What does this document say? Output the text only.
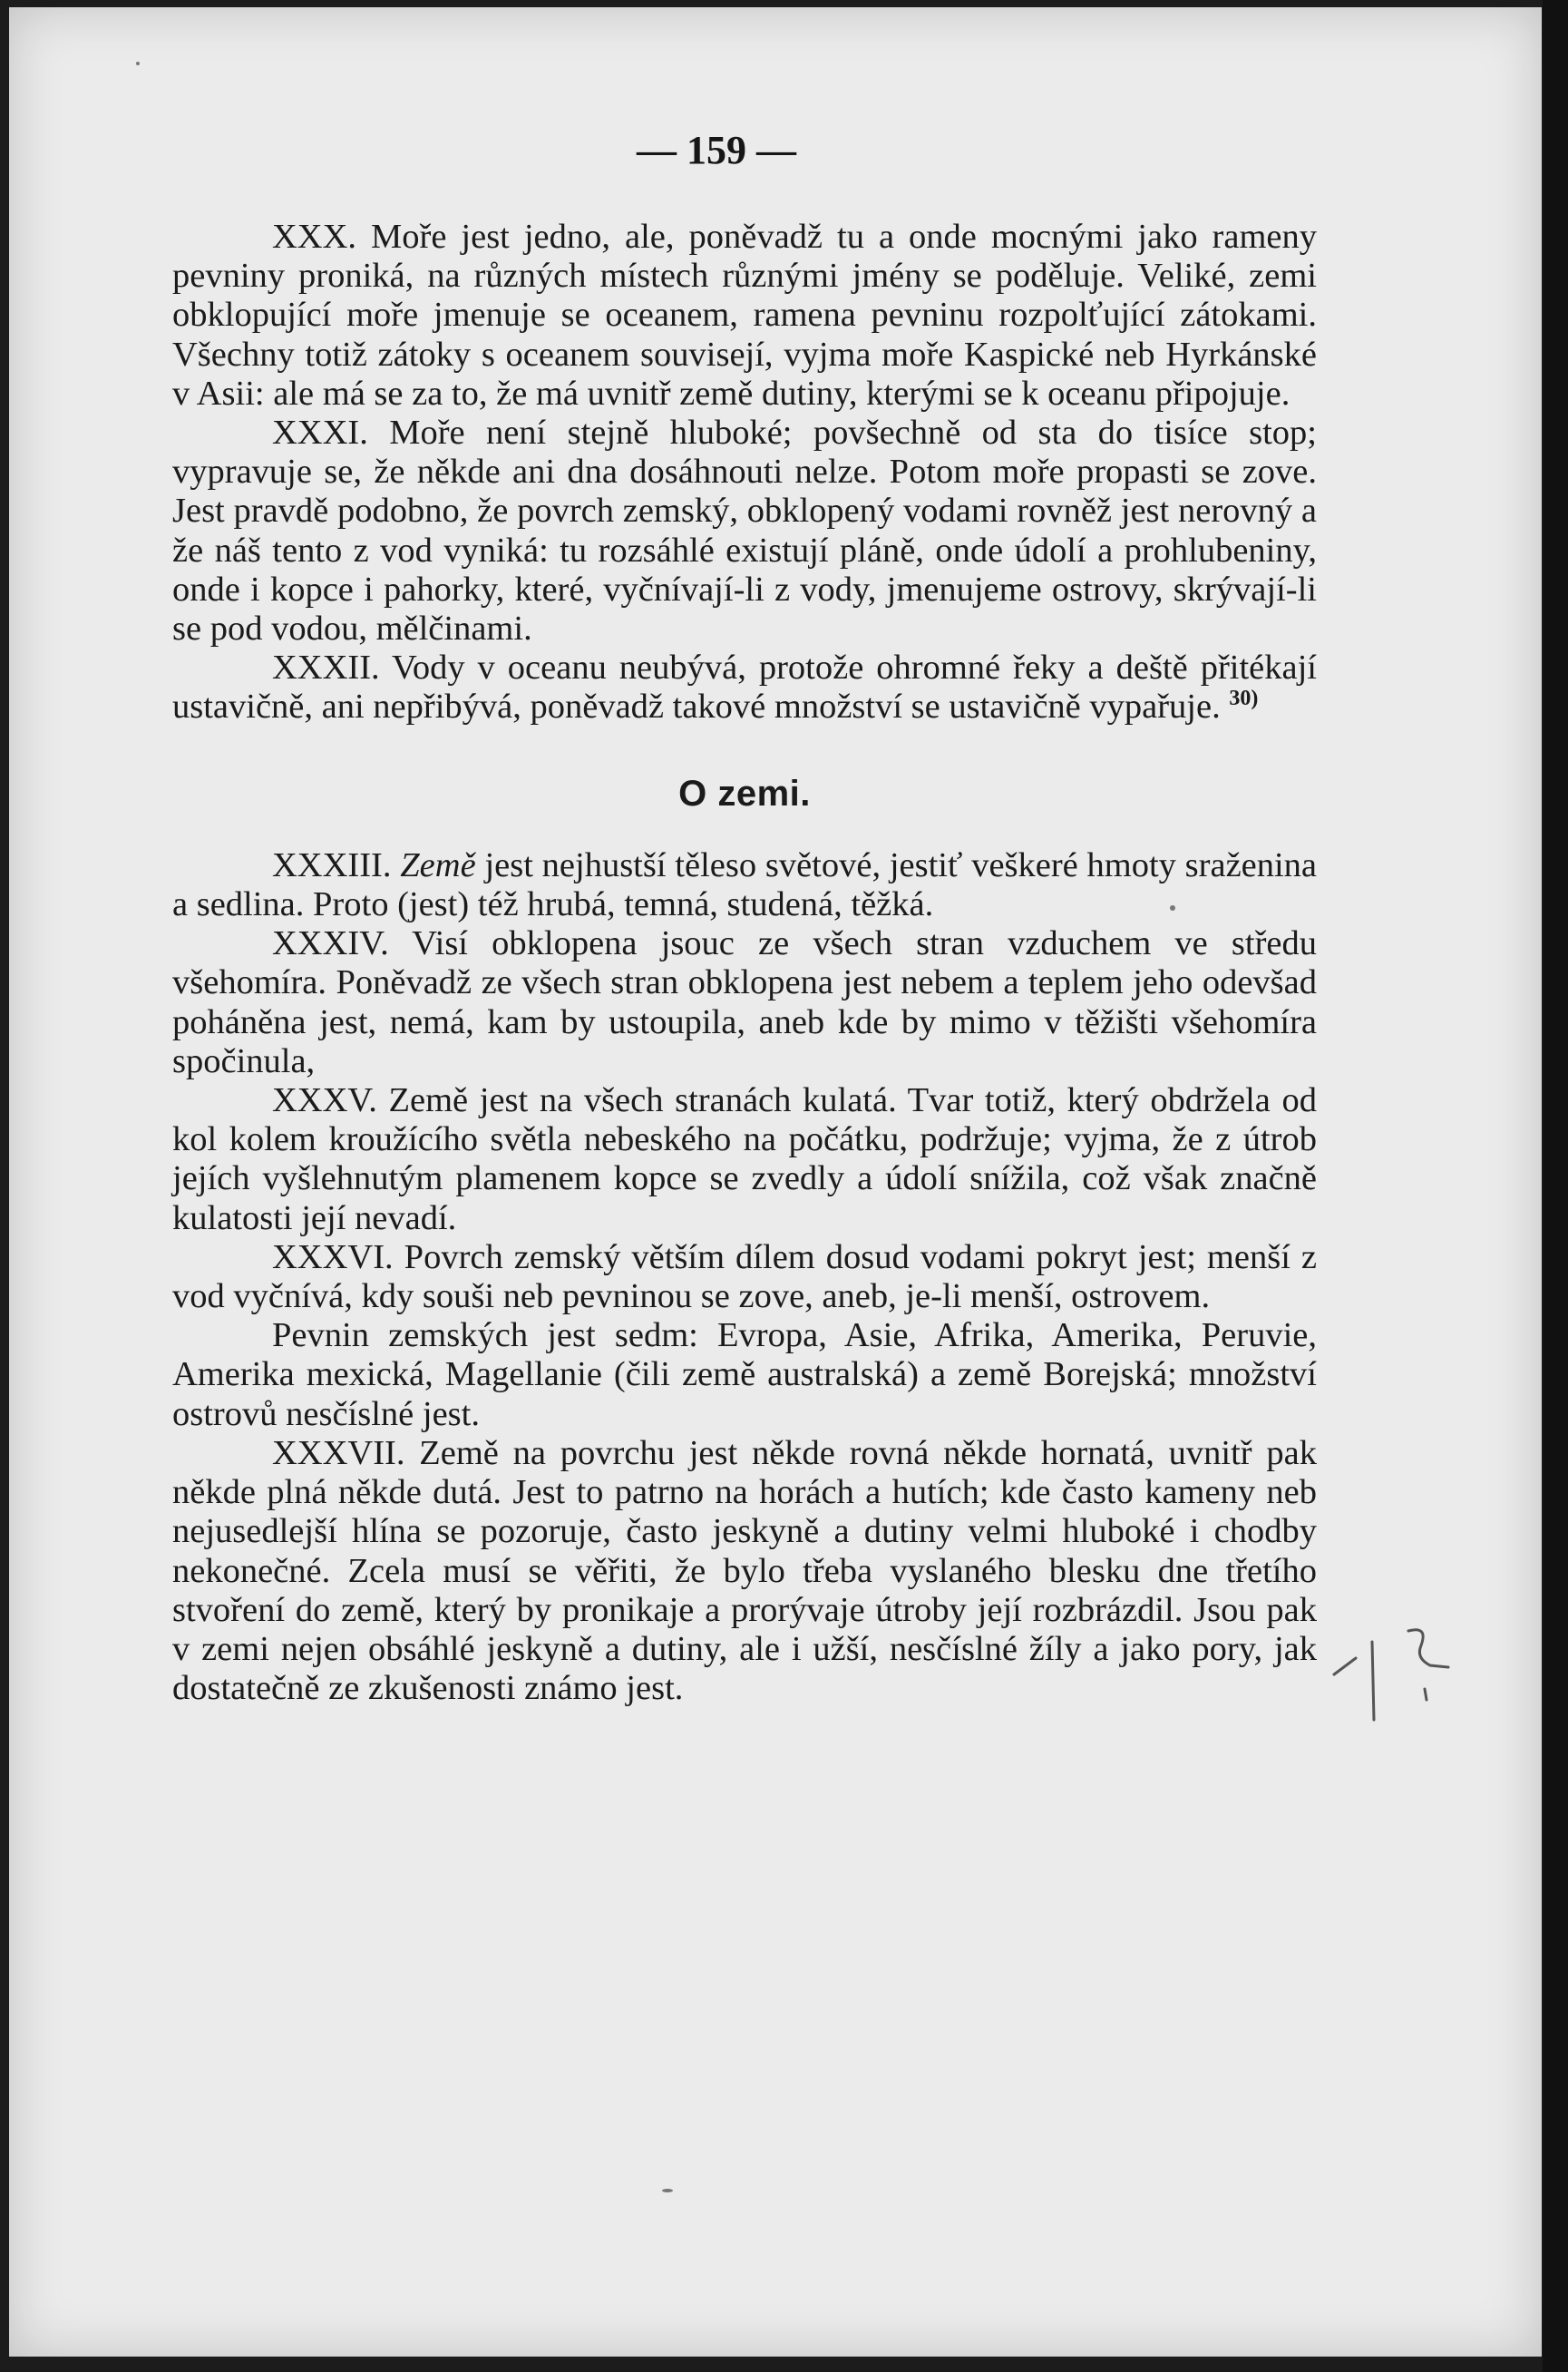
— 159 —

XXX. Moře jest jedno, ale, poněvadž tu a onde mocnými jako rameny pevniny proniká, na různých místech různými jmény se poděluje. Veliké, zemi obklopující moře jmenuje se oceanem, ramena pevninu rozpolťující zátokami. Všechny totiž zátoky s oceanem souvisejí, vyjma moře Kaspické neb Hyrkánské v Asii: ale má se za to, že má uvnitř země dutiny, kterými se k oceanu připojuje.

XXXI. Moře není stejně hluboké; povšechně od sta do tisíce stop; vypravuje se, že někde ani dna dosáhnouti nelze. Potom moře propasti se zove. Jest pravdě podobno, že povrch zemský, obklopený vodami rovněž jest nerovný a že náš tento z vod vyniká: tu rozsáhlé existují pláně, onde údolí a prohlubeniny, onde i kopce i pahorky, které, vyčnívají-li z vody, jmenujeme ostrovy, skrývají-li se pod vodou, mělčinami.

XXXII. Vody v oceanu neubývá, protože ohromné řeky a deště přitékají ustavičně, ani nepřibývá, poněvadž takové množství se ustavičně vypařuje. $^{30)}$

O zemi.

XXXIII. Země jest nejhustší těleso světové, jestiť veškeré hmoty sraženina a sedlina. Proto (jest) též hrubá, temná, studená, těžká.

XXXIV. Visí obklopena jsouc ze všech stran vzduchem ve středu všehomíra. Poněvadž ze všech stran obklopena jest nebem a teplem jeho odevšad poháněna jest, nemá, kam by ustoupila, aneb kde by mimo v těžišti všehomíra spočinula,

XXXV. Země jest na všech stranách kulatá. Tvar totiž, který obdržela od kol kolem kroužícího světla nebeského na počátku, podržuje; vyjma, že z útrob jejích vyšlehnutým plamenem kopce se zvedly a údolí snížila, což však značně kulatosti její nevadí.

XXXVI. Povrch zemský větším dílem dosud vodami pokryt jest; menší z vod vyčnívá, kdy souši neb pevninou se zove, aneb, je-li menší, ostrovem.

Pevnin zemských jest sedm: Evropa, Asie, Afrika, Amerika, Peruvie, Amerika mexická, Magellanie (čili země australská) a země Borejská; množství ostrovů nesčíslné jest.

XXXVII. Země na povrchu jest někde rovná někde hornatá, uvnitř pak někde plná někde dutá. Jest to patrno na horách a hutích; kde často kameny neb nejusedlejší hlína se pozoruje, často jeskyně a dutiny velmi hluboké i chodby nekonečné. Zcela musí se věřiti, že bylo třeba vyslaného blesku dne třetího stvoření do země, který by pronikaje a prorývaje útroby její rozbrázdil. Jsou pak v zemi nejen obsáhlé jeskyně a dutiny, ale i užší, nesčíslné žíly a jako pory, jak dostatečně ze zkušenosti známo jest.
